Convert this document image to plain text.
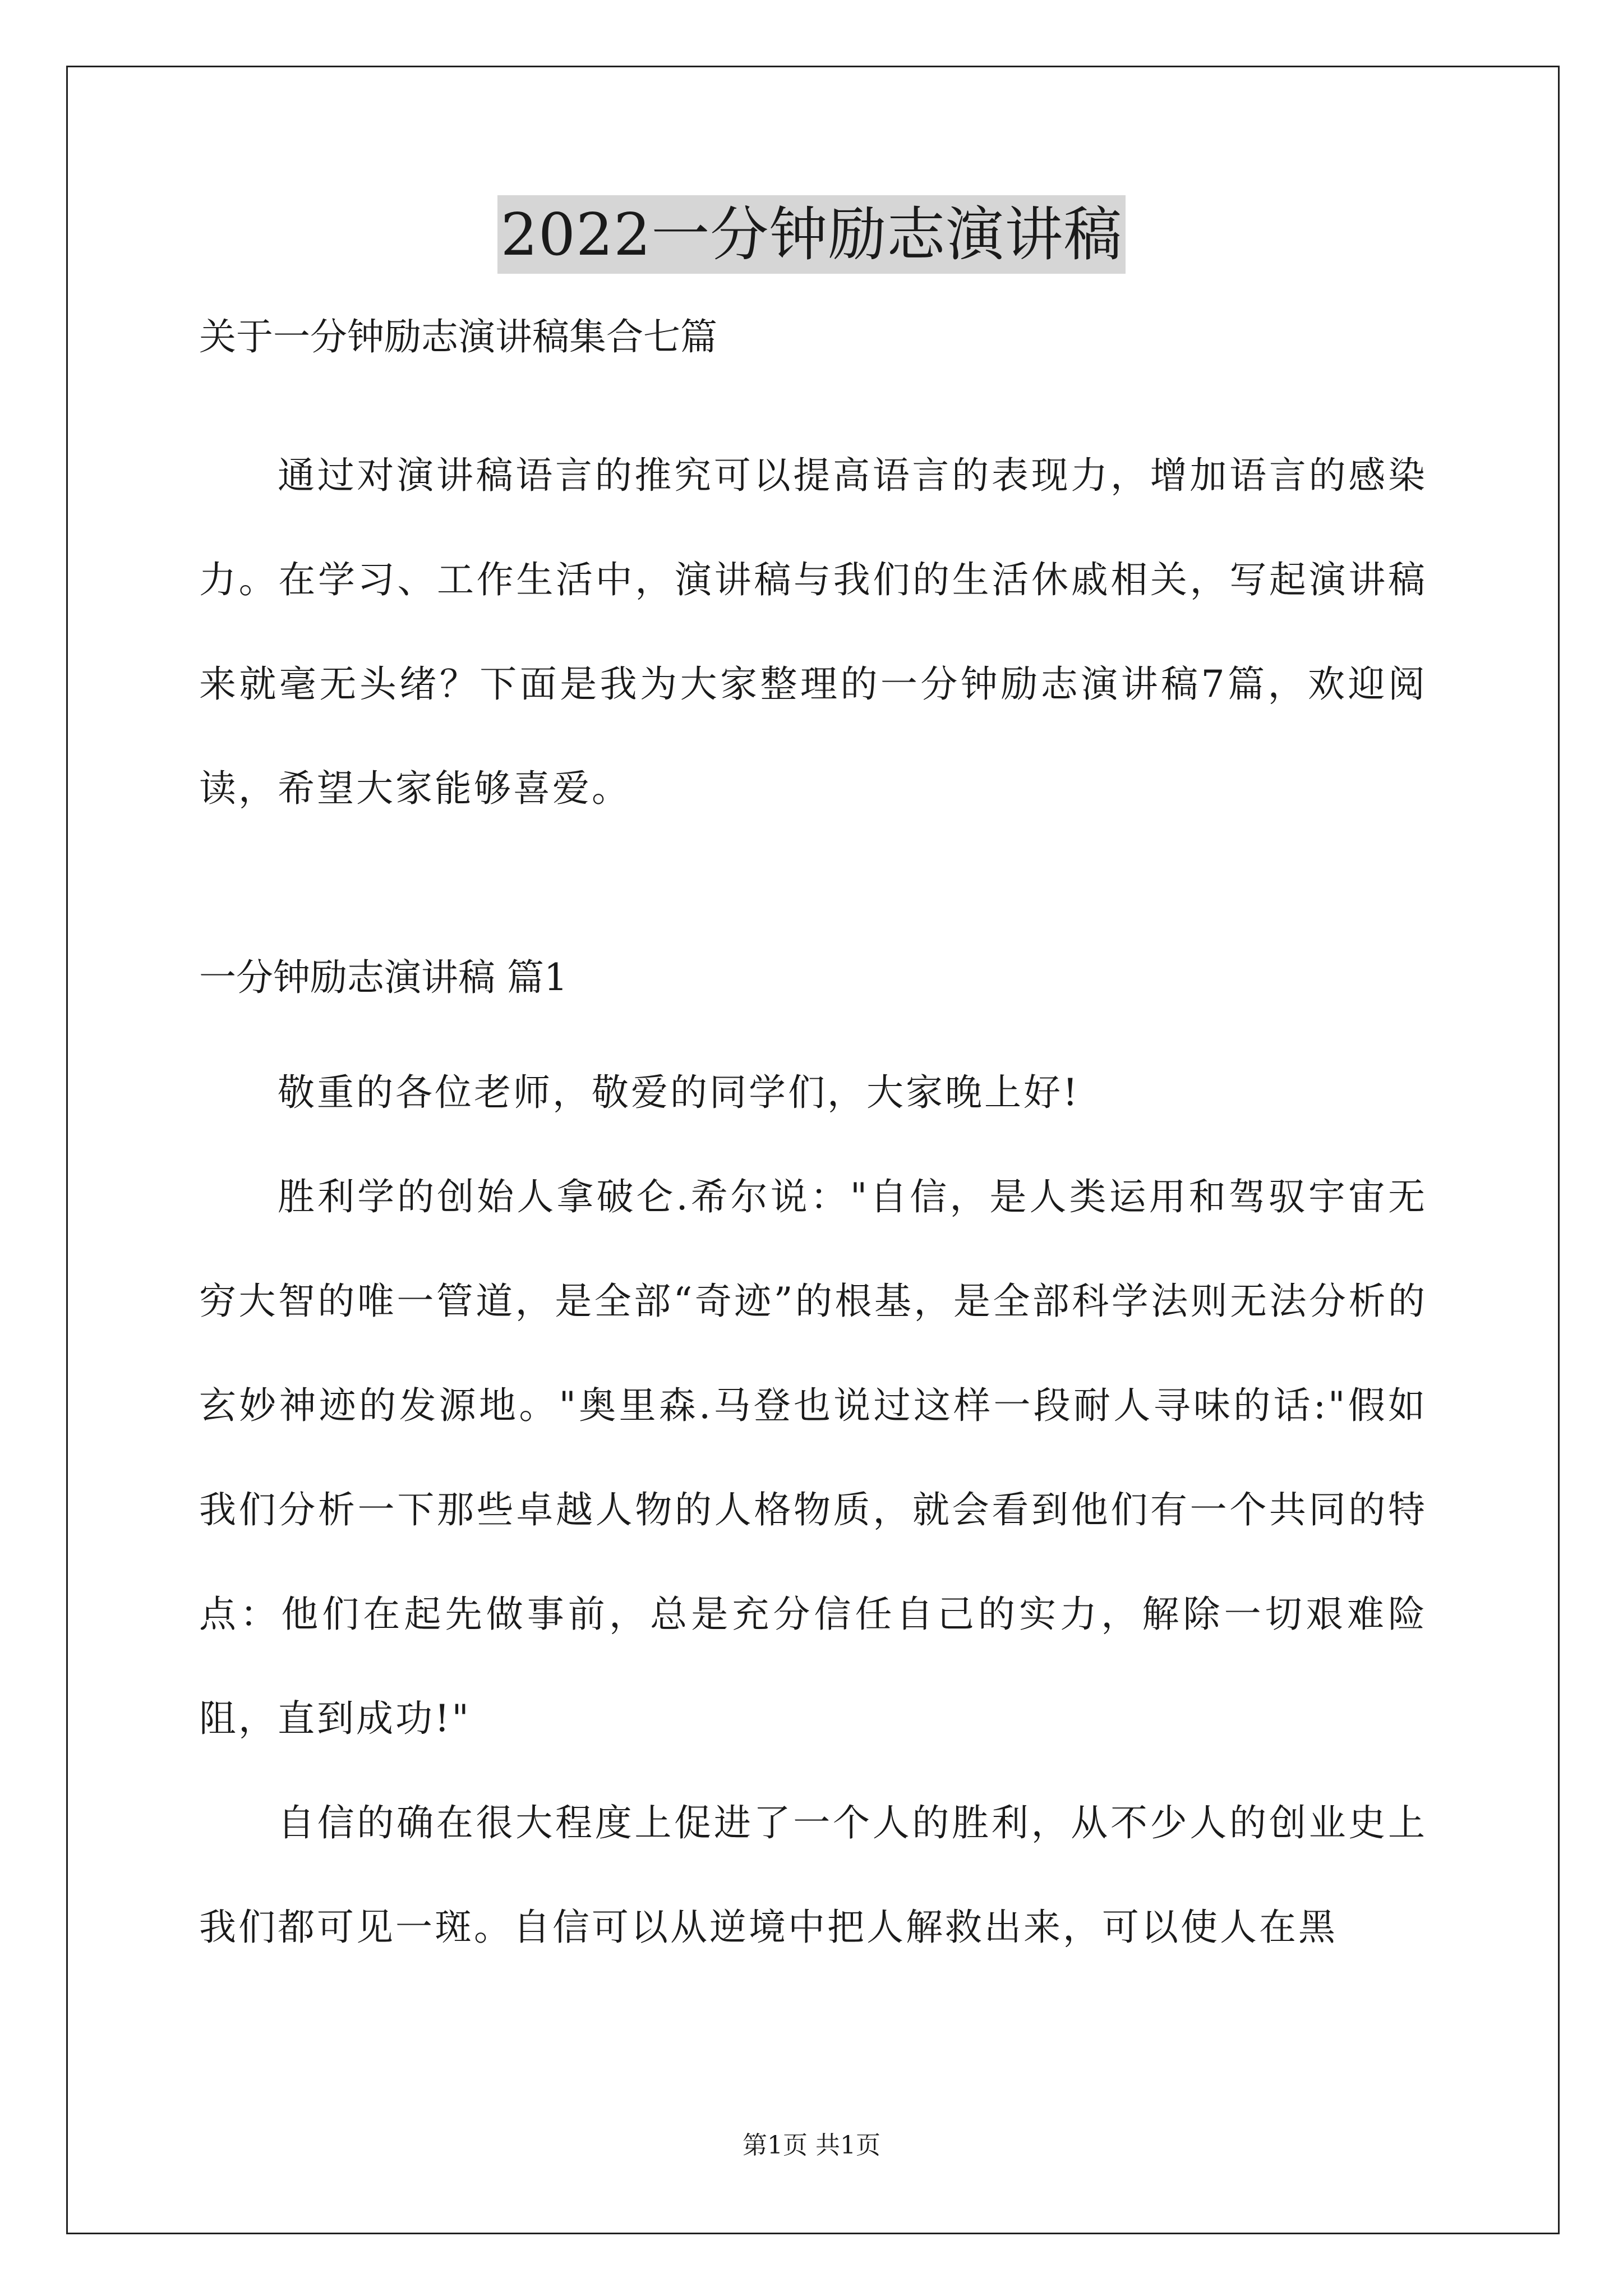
2022一分钟励志演讲稿
关于一分钟励志演讲稿集合七篇

通过对演讲稿语言的推究可以提高语言的表现力，增加语言的感染力。在学习、工作生活中，演讲稿与我们的生活休戚相关，写起演讲稿来就毫无头绪？下面是我为大家整理的一分钟励志演讲稿7篇，欢迎阅读，希望大家能够喜爱。

一分钟励志演讲稿 篇1

敬重的各位老师，敬爱的同学们，大家晚上好!

胜利学的创始人拿破仑.希尔说："自信，是人类运用和驾驭宇宙无穷大智的唯一管道，是全部“奇迹”的根基，是全部科学法则无法分析的玄妙神迹的发源地。"奥里森.马登也说过这样一段耐人寻味的话:"假如我们分析一下那些卓越人物的人格物质，就会看到他们有一个共同的特点：他们在起先做事前，总是充分信任自己的实力，解除一切艰难险阻，直到成功!"

自信的确在很大程度上促进了一个人的胜利，从不少人的创业史上我们都可见一斑。自信可以从逆境中把人解救出来，可以使人在黑

第1页 共1页
